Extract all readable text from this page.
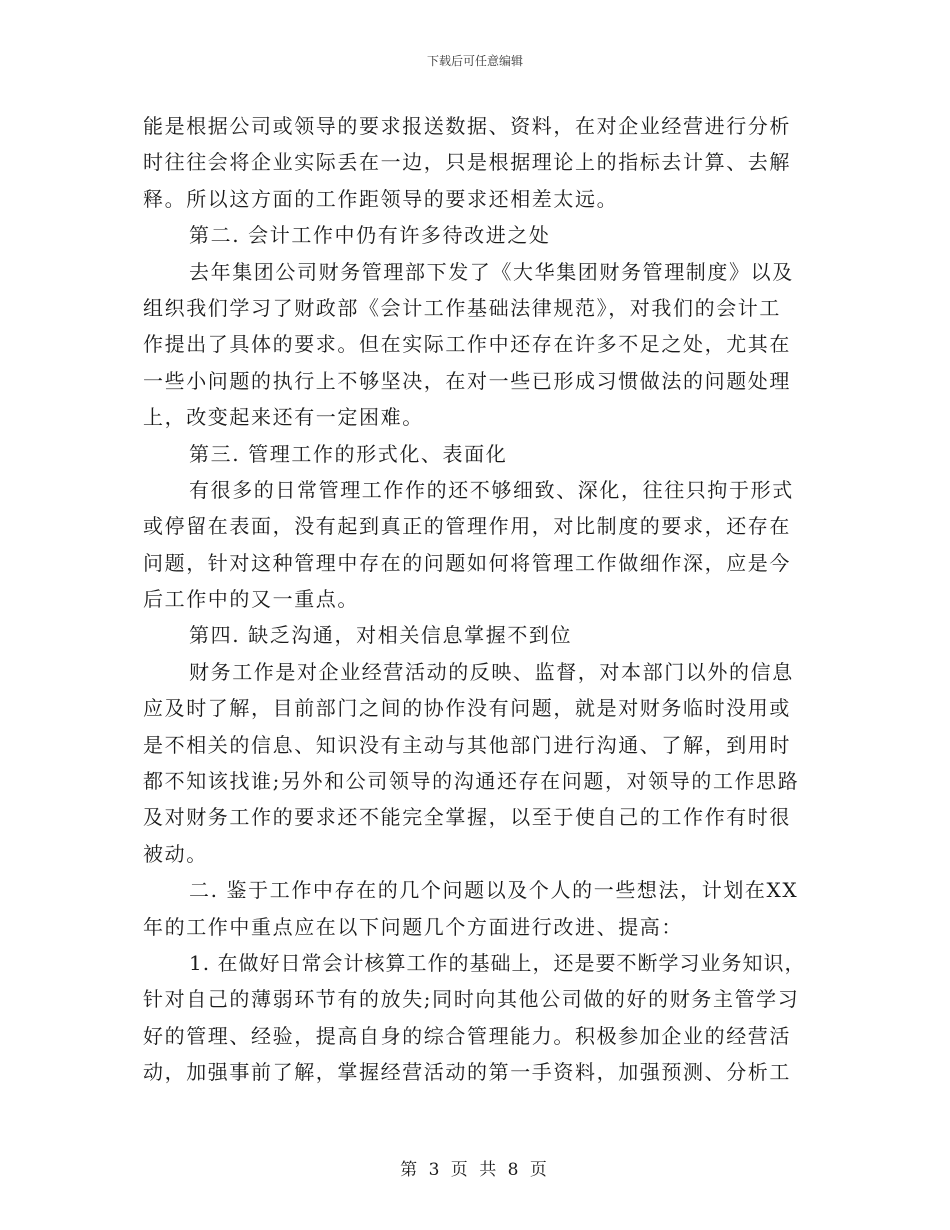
下载后可任意编辑
能是根据公司或领导的要求报送数据、资料，在对企业经营进行分析
时往往会将企业实际丢在一边，只是根据理论上的指标去计算、去解
释。所以这方面的工作距领导的要求还相差太远。
第二. 会计工作中仍有许多待改进之处
去年集团公司财务管理部下发了《大华集团财务管理制度》以及
组织我们学习了财政部《会计工作基础法律规范》，对我们的会计工
作提出了具体的要求。但在实际工作中还存在许多不足之处，尤其在
一些小问题的执行上不够坚决，在对一些已形成习惯做法的问题处理
上，改变起来还有一定困难。
第三. 管理工作的形式化、表面化
有很多的日常管理工作作的还不够细致、深化，往往只拘于形式
或停留在表面，没有起到真正的管理作用，对比制度的要求，还存在
问题，针对这种管理中存在的问题如何将管理工作做细作深，应是今
后工作中的又一重点。
第四. 缺乏沟通，对相关信息掌握不到位
财务工作是对企业经营活动的反映、监督，对本部门以外的信息
应及时了解，目前部门之间的协作没有问题，就是对财务临时没用或
是不相关的信息、知识没有主动与其他部门进行沟通、了解，到用时
都不知该找谁;另外和公司领导的沟通还存在问题，对领导的工作思路
及对财务工作的要求还不能完全掌握，以至于使自己的工作作有时很
被动。
二. 鉴于工作中存在的几个问题以及个人的一些想法，计划在XX
年的工作中重点应在以下问题几个方面进行改进、提高：
1. 在做好日常会计核算工作的基础上，还是要不断学习业务知识，
针对自己的薄弱环节有的放失;同时向其他公司做的好的财务主管学习
好的管理、经验，提高自身的综合管理能力。积极参加企业的经营活
动，加强事前了解，掌握经营活动的第一手资料，加强预测、分析工
第 3 页 共 8 页
